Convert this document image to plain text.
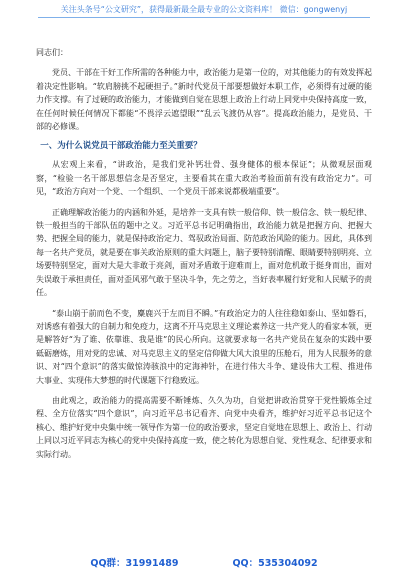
关注头条号“公文研究”，获得最新最全最专业的公文资料库！ 微信：gongwenyj

同志们：

党员、干部在干好工作所需的各种能力中，政治能力是第一位的，对其他能力的有效发挥起着决定性影响。“软肩膀挑不起硬担子。”新时代党员干部要想做好本职工作，必须得有过硬的能力作支撑。有了过硬的政治能力，才能做到自觉在思想上政治上行动上同党中央保持高度一致，在任何时候任何情况下都能“不畏浮云遮望眼”“乱云飞渡仍从容”。提高政治能力，是党员、干部的必修课。

一、为什么说党员干部政治能力至关重要？

从宏观上来看，“讲政治，是我们党补钙壮骨、强身健体的根本保证”；从微观层面观察，“检验一名干部思想信念是否坚定，主要看其在重大政治考验面前有没有政治定力”。可见，“政治方向对一个党、一个组织、一个党员干部来说都极端重要”。

正确理解政治能力的内涵和外延，是培养一支具有铁一般信仰、铁一般信念、铁一般纪律、铁一般担当的干部队伍的题中之义。习近平总书记明确指出，政治能力就是把握方向、把握大势、把握全局的能力，就是保持政治定力、驾驭政治局面、防范政治风险的能力。因此，具体到每一名共产党员，就是要在事关政治原则的重大问题上，脑子要特别清醒、眼睛要特别明亮、立场要特别坚定，面对大是大非敢于亮剑，面对矛盾敢于迎难而上，面对危机敢于挺身而出，面对失误敢于承担责任，面对歪风邪气敢于坚决斗争，先之劳之，当好表率履行好党和人民赋予的责任。

“泰山崩于前而色不变，麋鹿兴于左而目不瞬。”有政治定力的人往往稳如泰山、坚如磐石，对诱惑有着强大的自制力和免疫力，这离不开马克思主义理论素养这一共产党人的看家本领，更是解答好“为了谁、依靠谁、我是谁”的民心所向。这就要求每一名共产党员在复杂的实践中要砥砺磨炼，用对党的忠诚、对马克思主义的坚定信仰做大风大浪里的压舱石，用为人民服务的意识、对“四个意识”的落实做惊涛骇浪中的定海神针，在进行伟大斗争、建设伟大工程、推进伟大事业、实现伟大梦想的时代课题下行稳致远。

由此观之，政治能力的提高需要不断锤炼、久久为功，自觉把讲政治贯穿于党性锻炼全过程、全方位落实“四个意识”，向习近平总书记看齐、向党中央看齐，维护好习近平总书记这个核心、维护好党中央集中统一领导作为第一位的政治要求，坚定自觉地在思想上、政治上、行动上同以习近平同志为核心的党中央保持高度一致，使之转化为思想自觉、党性观念、纪律要求和实际行动。

QQ群：31991489	QQ：535304092
